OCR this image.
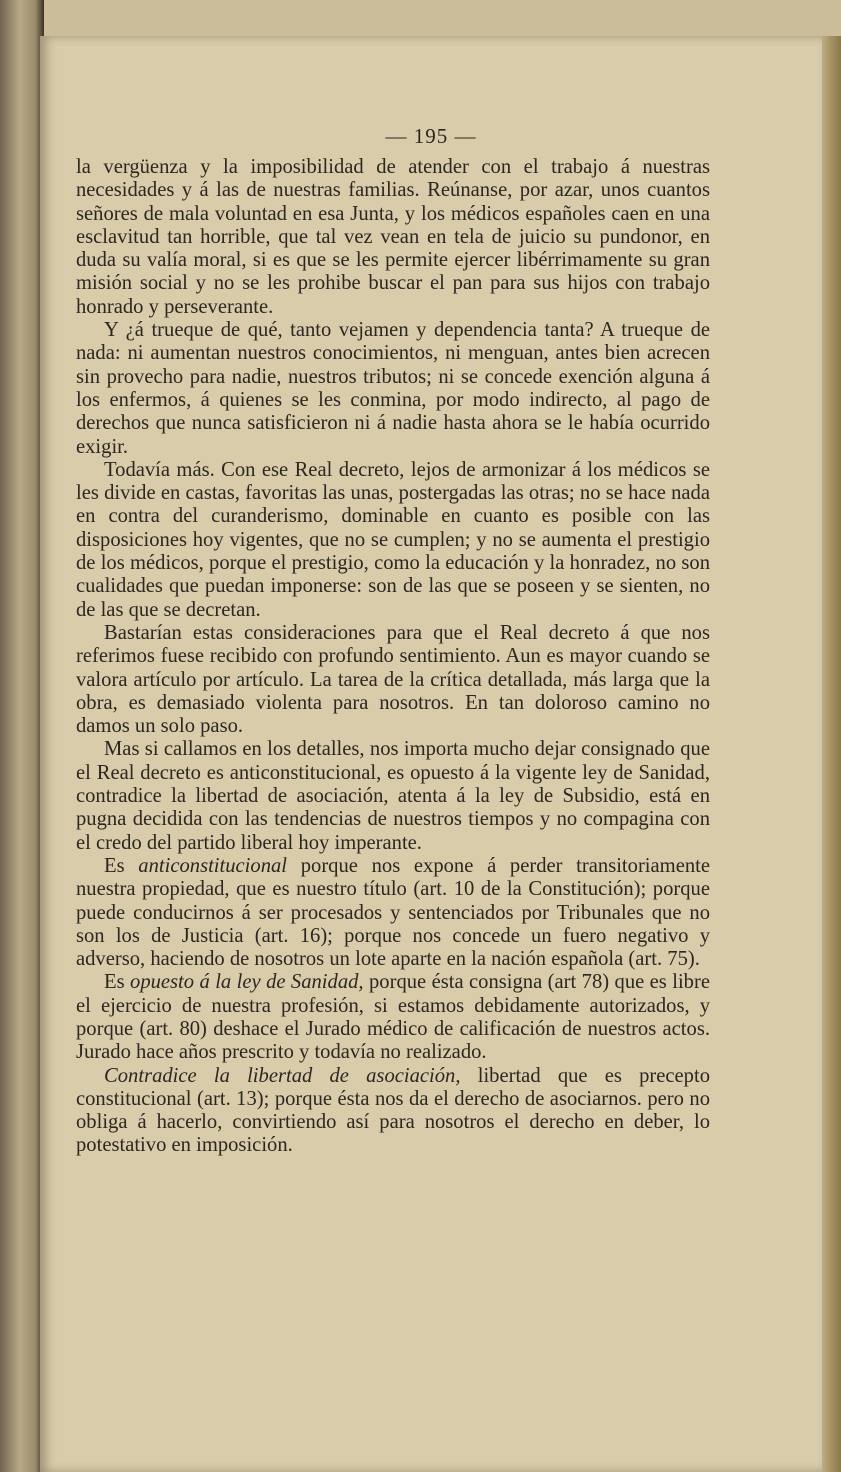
— 195 —

la vergüenza y la imposibilidad de atender con el trabajo á nuestras necesidades y á las de nuestras familias. Reúnanse, por azar, unos cuantos señores de mala voluntad en esa Junta, y los médicos españoles caen en una esclavitud tan horrible, que tal vez vean en tela de juicio su pundonor, en duda su valía moral, si es que se les permite ejercer libérrimamente su gran misión social y no se les prohibe buscar el pan para sus hijos con trabajo honrado y perseverante.

Y ¿á trueque de qué, tanto vejamen y dependencia tanta? A trueque de nada: ni aumentan nuestros conocimientos, ni menguan, antes bien acrecen sin provecho para nadie, nuestros tributos; ni se concede exención alguna á los enfermos, á quienes se les conmina, por modo indirecto, al pago de derechos que nunca satisficieron ni á nadie hasta ahora se le había ocurrido exigir.

Todavía más. Con ese Real decreto, lejos de armonizar á los médicos se les divide en castas, favoritas las unas, postergadas las otras; no se hace nada en contra del curanderismo, dominable en cuanto es posible con las disposiciones hoy vigentes, que no se cumplen; y no se aumenta el prestigio de los médicos, porque el prestigio, como la educación y la honradez, no son cualidades que puedan imponerse: son de las que se poseen y se sienten, no de las que se decretan.

Bastarían estas consideraciones para que el Real decreto á que nos referimos fuese recibido con profundo sentimiento. Aun es mayor cuando se valora artículo por artículo. La tarea de la crítica detallada, más larga que la obra, es demasiado violenta para nosotros. En tan doloroso camino no damos un solo paso.

Mas si callamos en los detalles, nos importa mucho dejar consignado que el Real decreto es anticonstitucional, es opuesto á la vigente ley de Sanidad, contradice la libertad de asociación, atenta á la ley de Subsidio, está en pugna decidida con las tendencias de nuestros tiempos y no compagina con el credo del partido liberal hoy imperante.

Es anticonstitucional porque nos expone á perder transitoriamente nuestra propiedad, que es nuestro título (art. 10 de la Constitución); porque puede conducirnos á ser procesados y sentenciados por Tribunales que no son los de Justicia (art. 16); porque nos concede un fuero negativo y adverso, haciendo de nosotros un lote aparte en la nación española (art. 75).

Es opuesto á la ley de Sanidad, porque ésta consigna (art 78) que es libre el ejercicio de nuestra profesión, si estamos debidamente autorizados, y porque (art. 80) deshace el Jurado médico de calificación de nuestros actos. Jurado hace años prescrito y todavía no realizado.

Contradice la libertad de asociación, libertad que es precepto constitucional (art. 13); porque ésta nos da el derecho de asociarnos. pero no obliga á hacerlo, convirtiendo así para nosotros el derecho en deber, lo potestativo en imposición.
